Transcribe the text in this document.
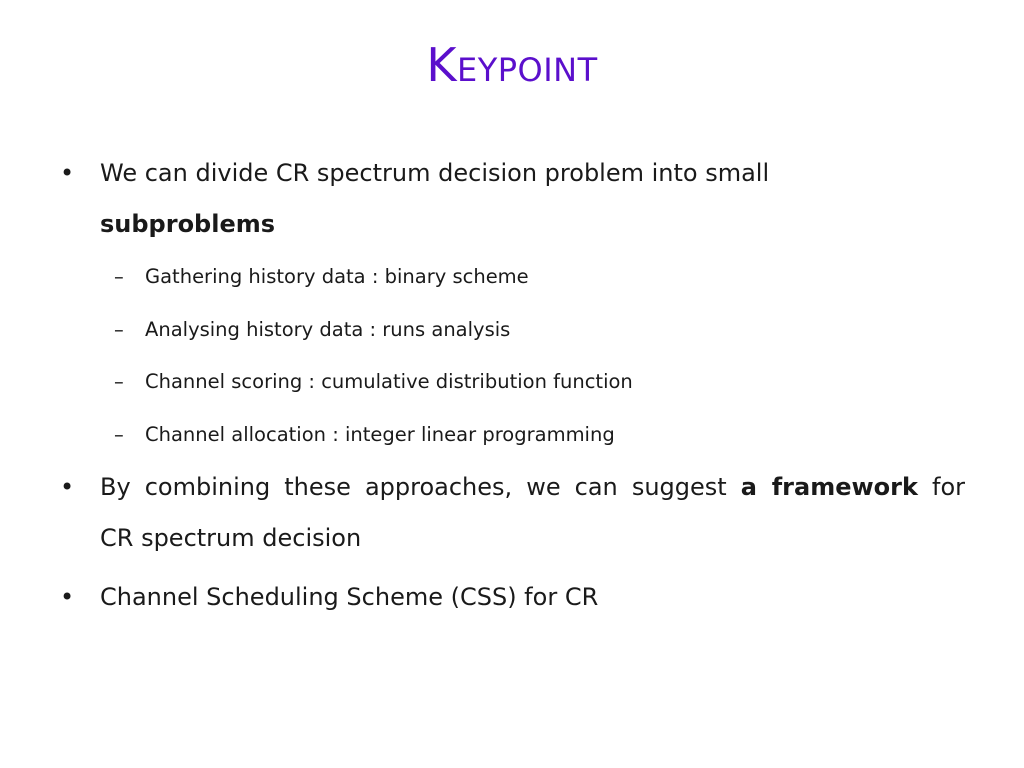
Keypoint
• We can divide CR spectrum decision problem into small
subproblems
– Gathering history data : binary scheme
– Analysing history data : runs analysis
– Channel scoring : cumulative distribution function
– Channel allocation : integer linear programming
• By combining these approaches, we can suggest a framework for
CR spectrum decision
• Channel Scheduling Scheme (CSS) for CR
